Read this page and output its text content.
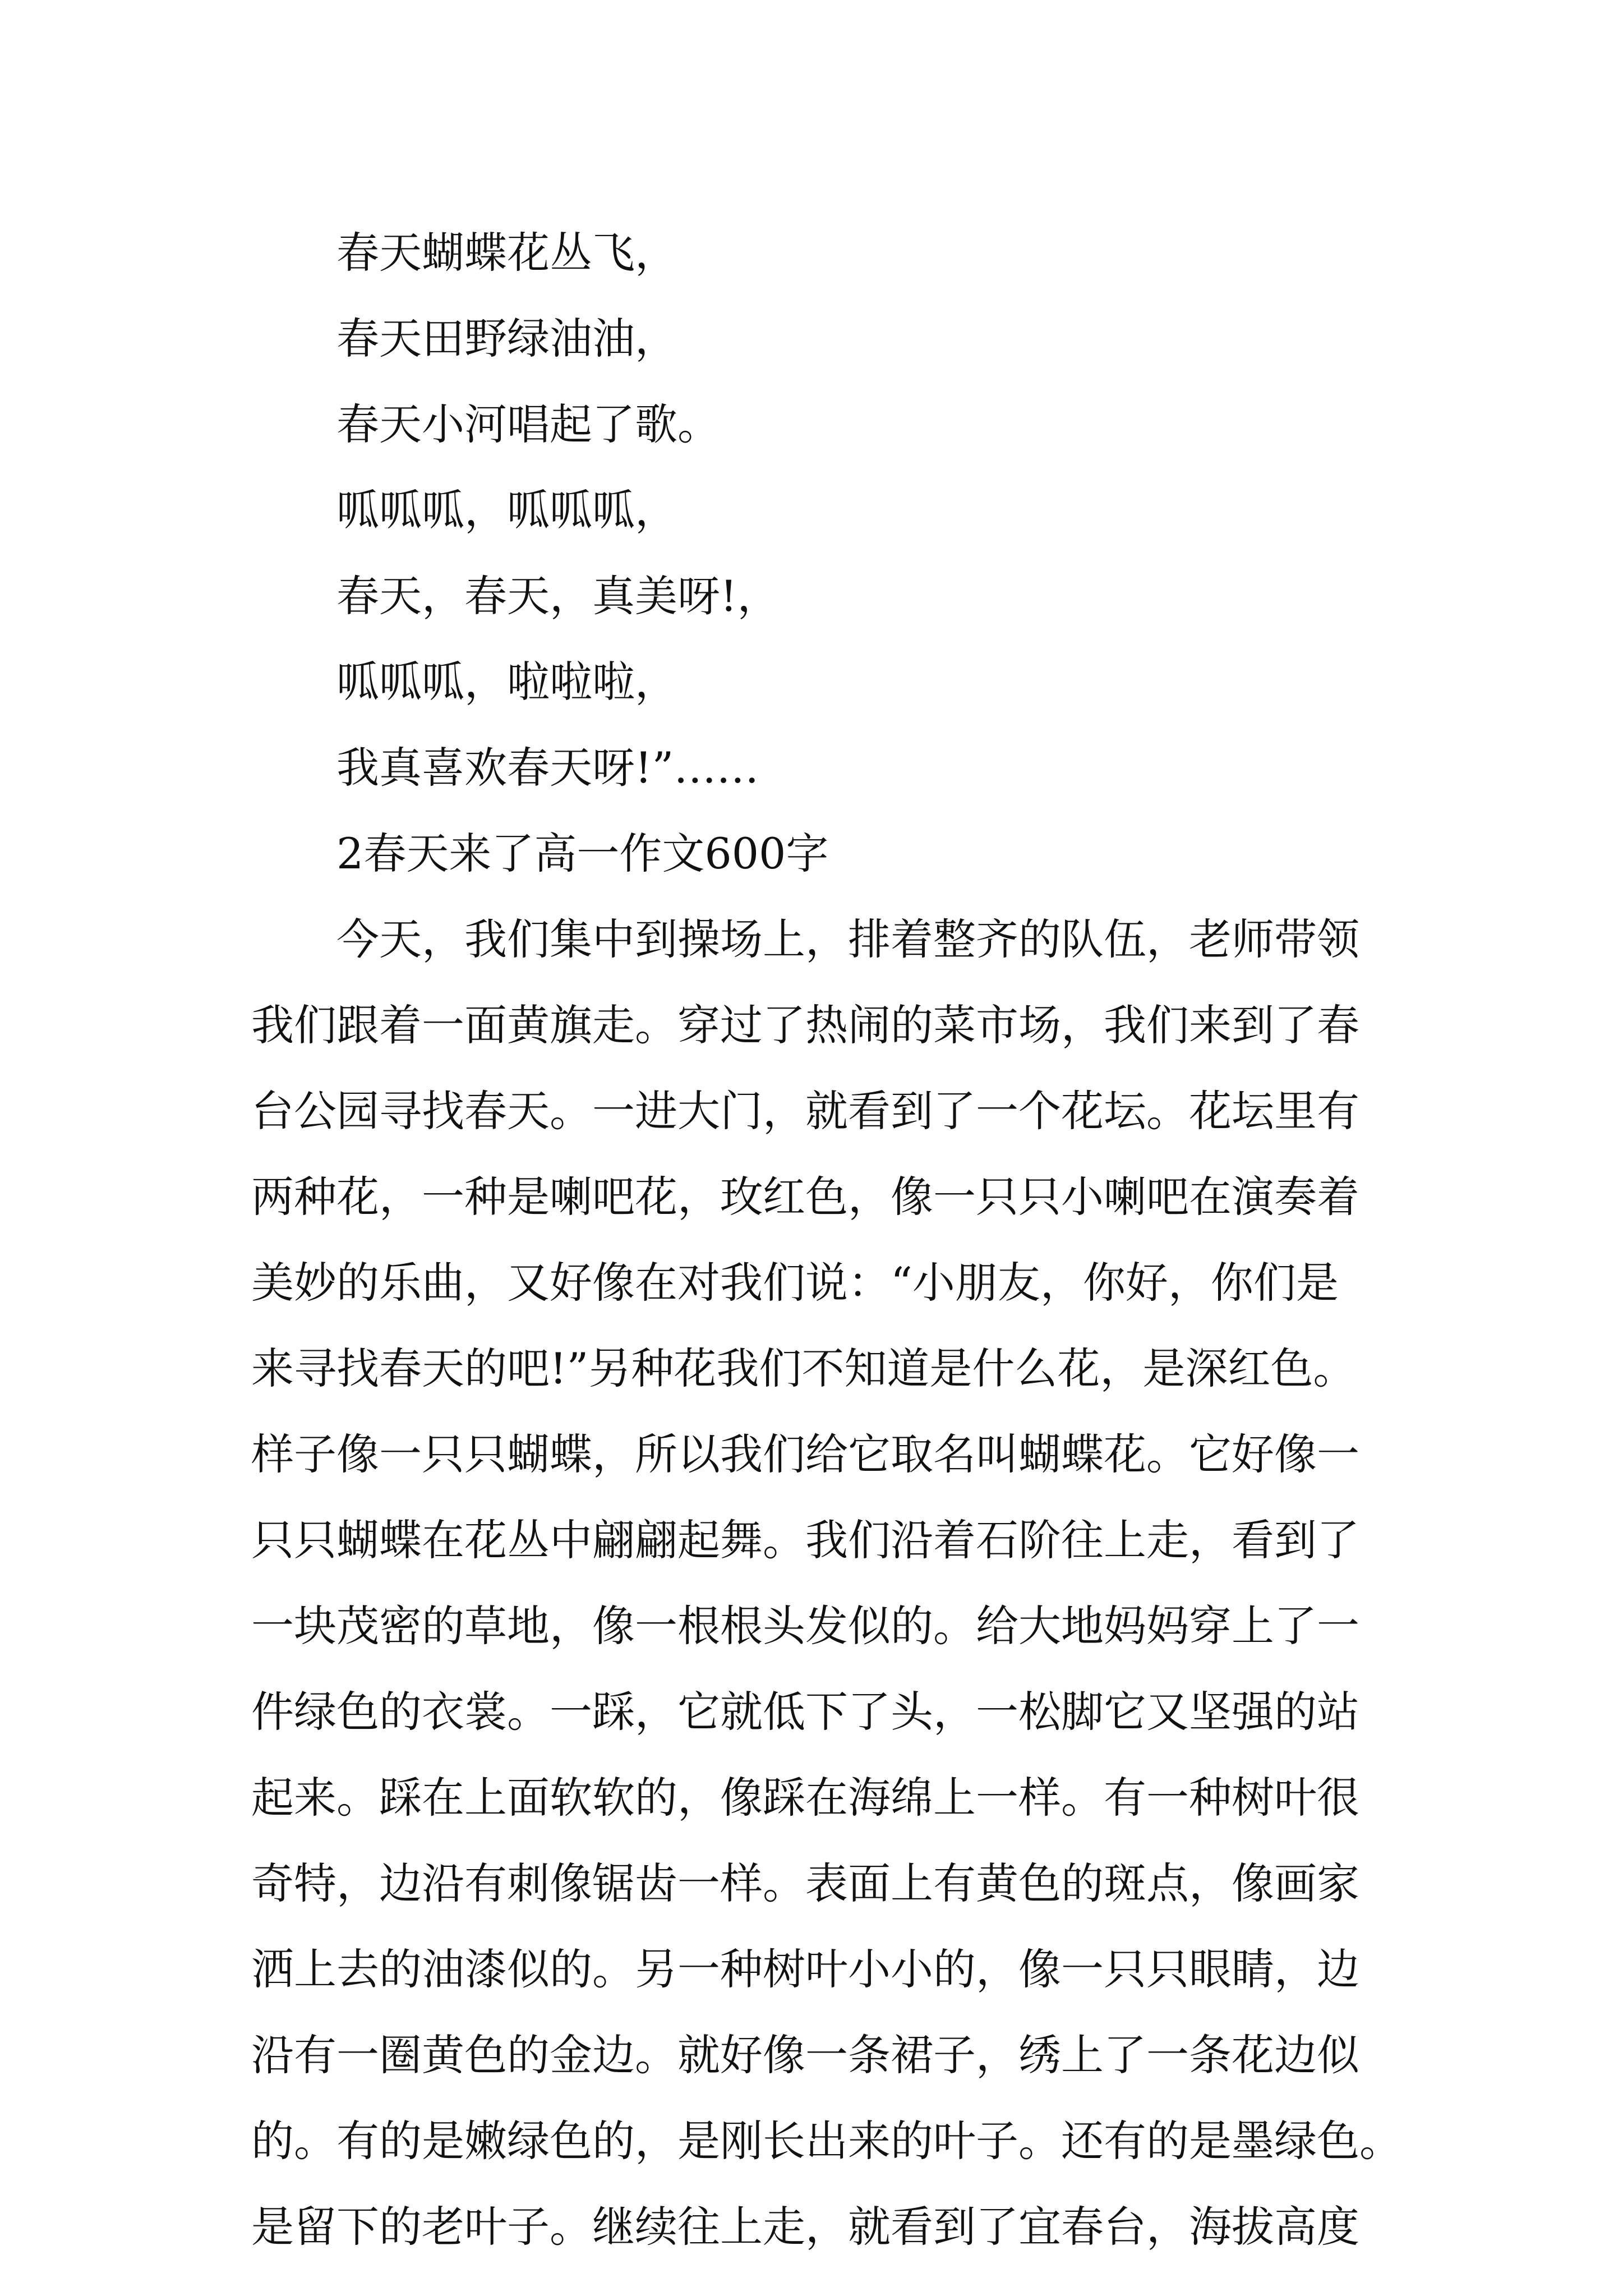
春天蝴蝶花丛飞，

春天田野绿油油，

春天小河唱起了歌。

呱呱呱，呱呱呱，

春天，春天，真美呀!，

呱呱呱，啦啦啦，

我真喜欢春天呀!”……

2春天来了高一作文600字

今天，我们集中到操场上，排着整齐的队伍，老师带领

我们跟着一面黄旗走。穿过了热闹的菜市场，我们来到了春

台公园寻找春天。一进大门，就看到了一个花坛。花坛里有

两种花，一种是喇吧花，玫红色，像一只只小喇吧在演奏着

美妙的乐曲，又好像在对我们说：“小朋友，你好，你们是

来寻找春天的吧!”另种花我们不知道是什么花，是深红色。

样子像一只只蝴蝶，所以我们给它取名叫蝴蝶花。它好像一

只只蝴蝶在花丛中翩翩起舞。我们沿着石阶往上走，看到了

一块茂密的草地，像一根根头发似的。给大地妈妈穿上了一

件绿色的衣裳。一踩，它就低下了头，一松脚它又坚强的站

起来。踩在上面软软的，像踩在海绵上一样。有一种树叶很

奇特，边沿有刺像锯齿一样。表面上有黄色的斑点，像画家

洒上去的油漆似的。另一种树叶小小的，像一只只眼睛，边

沿有一圈黄色的金边。就好像一条裙子，绣上了一条花边似

的。有的是嫩绿色的，是刚长出来的叶子。还有的是墨绿色。

是留下的老叶子。继续往上走，就看到了宜春台，海拔高度
